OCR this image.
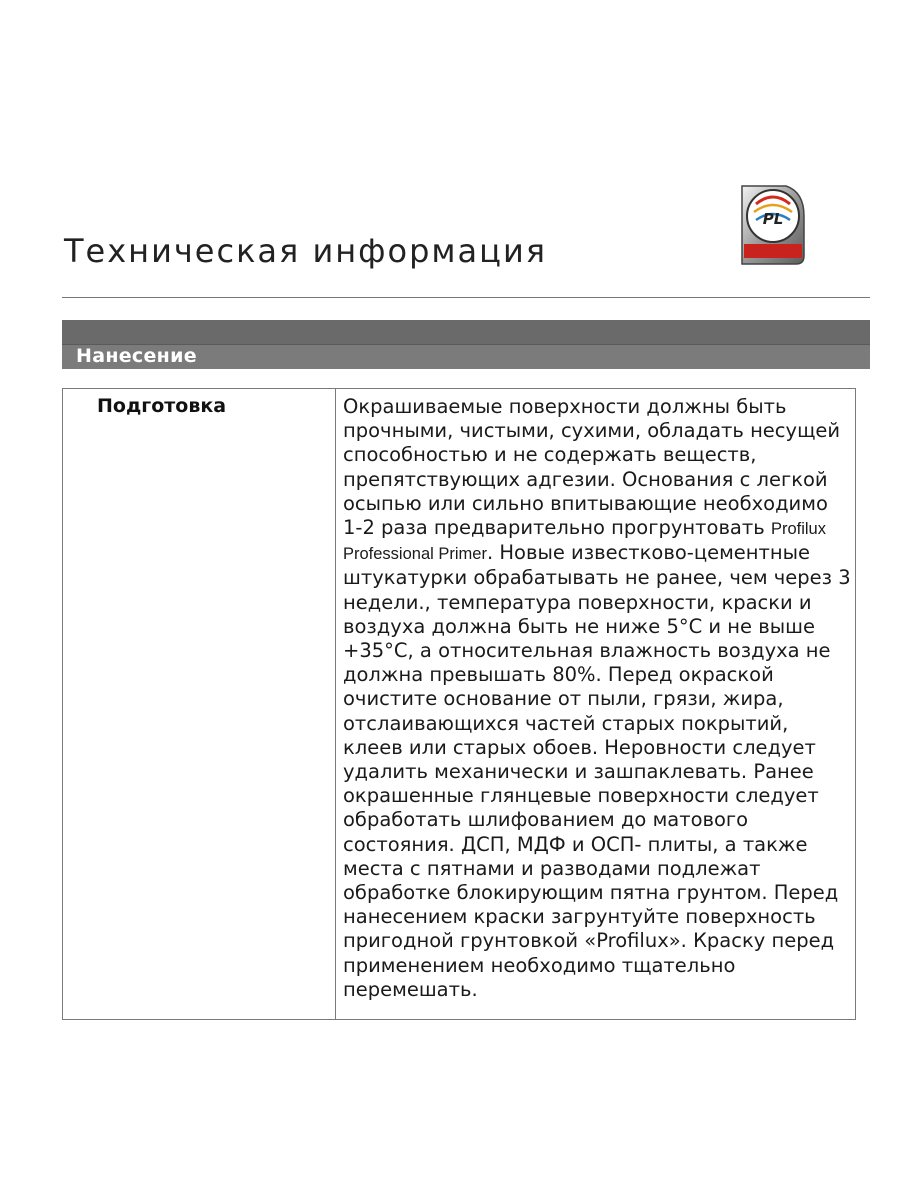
PL
Техническая информация
Нанесение

Подготовка	Окрашиваемые поверхности должны быть прочными, чистыми, сухими, обладать несущей способностью и не содержать веществ, препятствующих адгезии. Основания с легкой осыпью или сильно впитывающие необходимо 1-2 раза предварительно прогрунтовать Profilux Professional Primer. Новые известково-цементные штукатурки обрабатывать не ранее, чем через 3 недели., температура поверхности, краски и воздуха должна быть не ниже 5°С и не выше +35°С, а относительная влажность воздуха не должна превышать 80%. Перед окраской очистите основание от пыли, грязи, жира, отслаивающихся частей старых покрытий, клеев или старых обоев. Неровности следует удалить механически и зашпаклевать. Ранее окрашенные глянцевые поверхности следует обработать шлифованием до матового состояния. ДСП, МДФ и ОСП- плиты, а также места с пятнами и разводами подлежат обработке блокирующим пятна грунтом. Перед нанесением краски загрунтуйте поверхность пригодной грунтовкой «Profilux». Краску перед применением необходимо тщательно перемешать.
